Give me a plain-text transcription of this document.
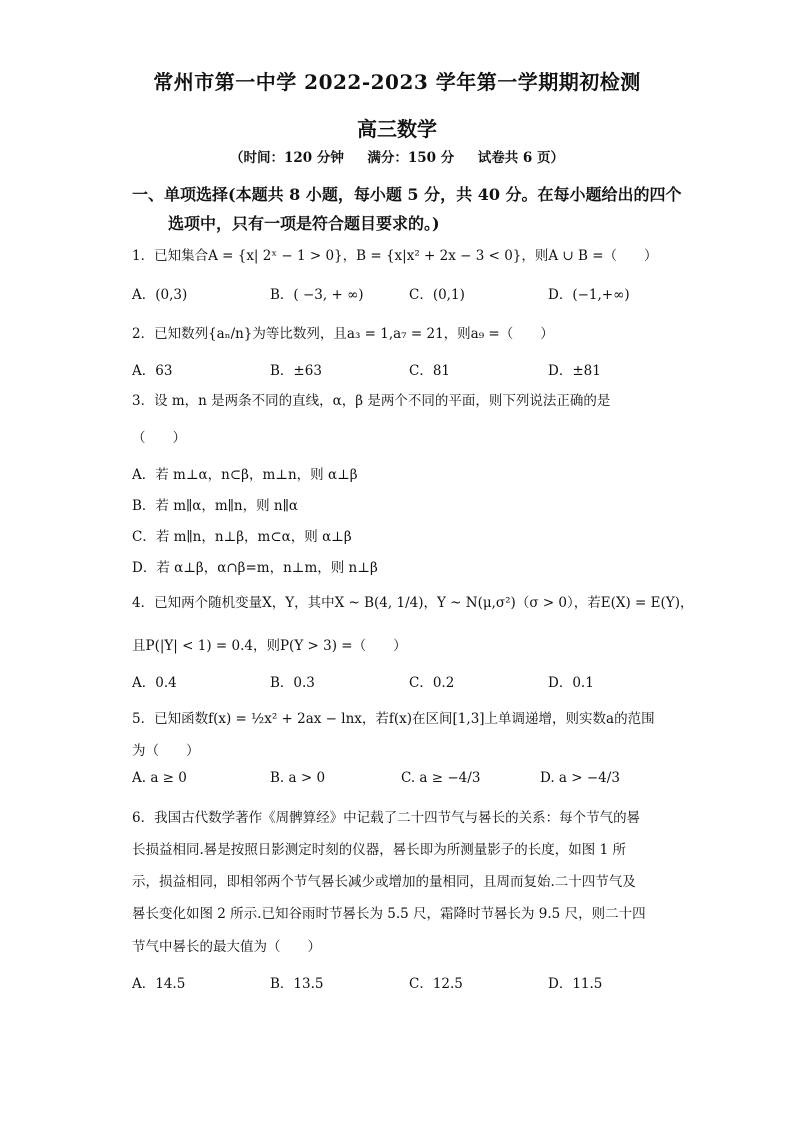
常州市第一中学 2022-2023 学年第一学期期初检测
高三数学
（时间：120 分钟     满分：150 分     试卷共 6 页）
一、单项选择(本题共 8 小题，每小题 5 分，共 40 分。在每小题给出的四个
选项中，只有一项是符合题目要求的。)
1．已知集合A = {x| 2ˣ − 1 > 0}，B = {x|x² + 2x − 3 < 0}，则A ∪ B =（　　）
A．(0,3)	B．( −3, + ∞)	C．(0,1)	D．(−1,+∞)
2．已知数列{aₙ/n}为等比数列，且a₃ = 1,a₇ = 21，则a₉ =（　　）
A．63	B．±63	C．81	D．±81
3．设 m，n 是两条不同的直线，α，β 是两个不同的平面，则下列说法正确的是
（　　）
A．若 m⊥α，n⊂β，m⊥n，则 α⊥β
B．若 m∥α，m∥n，则 n∥α
C．若 m∥n，n⊥β，m⊂α，则 α⊥β
D．若 α⊥β，α∩β=m，n⊥m，则 n⊥β
4．已知两个随机变量X，Y，其中X ~ B(4, 1/4)，Y ~ N(μ,σ²)（σ > 0），若E(X) = E(Y)，
且P(|Y| < 1) = 0.4，则P(Y > 3) =（　　）
A．0.4	B．0.3	C．0.2	D．0.1
5．已知函数f(x) = ½x² + 2ax − lnx，若f(x)在区间[1,3]上单调递增，则实数a的范围
为（　　）
A. a ≥ 0	B. a > 0	C. a ≥ −4/3	D. a > −4/3
6．我国古代数学著作《周髀算经》中记载了二十四节气与晷长的关系：每个节气的晷
长损益相同.晷是按照日影测定时刻的仪器，晷长即为所测量影子的长度，如图 1 所
示，损益相同，即相邻两个节气晷长减少或增加的量相同，且周而复始.二十四节气及
晷长变化如图 2 所示.已知谷雨时节晷长为 5.5 尺，霜降时节晷长为 9.5 尺，则二十四
节气中晷长的最大值为（　　）
A．14.5	B．13.5	C．12.5	D．11.5
